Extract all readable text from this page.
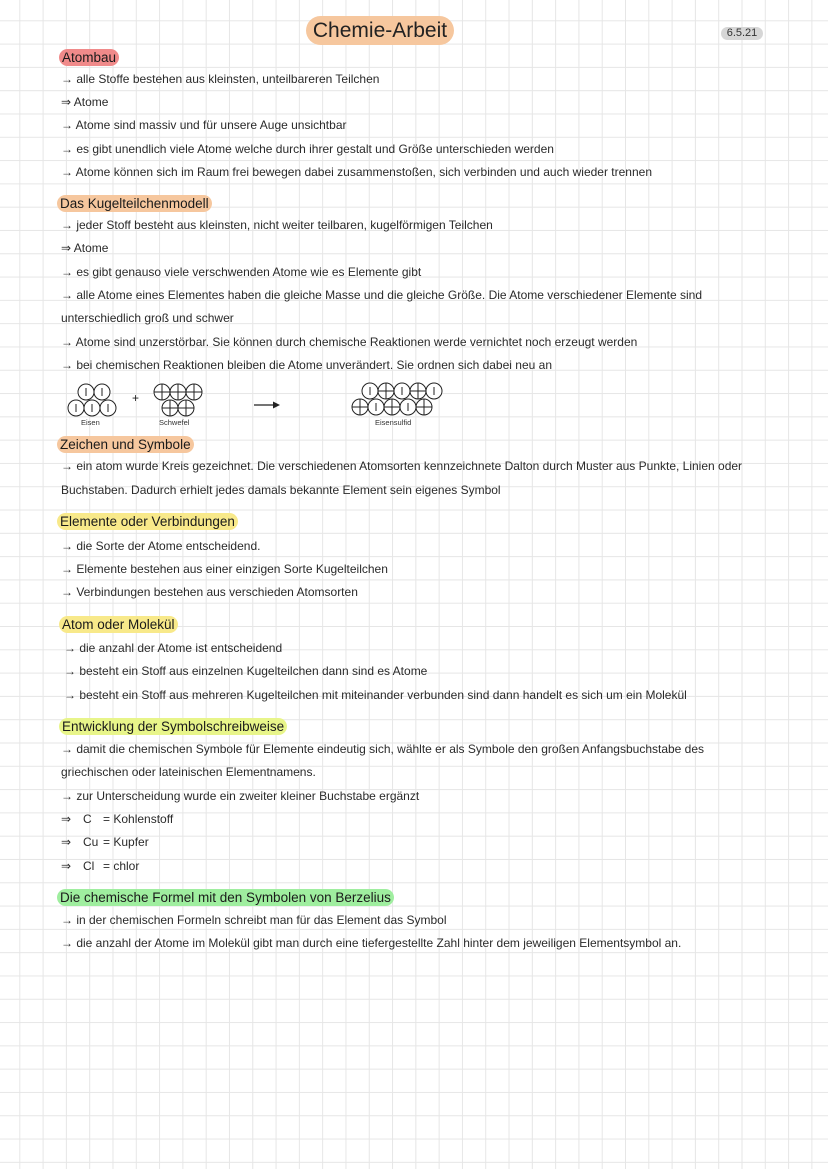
Chemie-Arbeit	6.5.21
Atombau
→ alle Stoffe bestehen aus kleinsten, unteilbareren Teilchen
⇒ Atome
→ Atome sind massiv und für unsere Auge unsichtbar
→ es gibt unendlich viele Atome welche durch ihrer gestalt und Größe unterschieden werden
→ Atome können sich im Raum frei bewegen dabei zusammenstoßen, sich verbinden und auch wieder trennen
Das Kugelteilchenmodell
→ jeder Stoff besteht aus kleinsten, nicht weiter teilbaren, kugelförmigen Teilchen
⇒ Atome
→ es gibt genauso viele verschwenden Atome wie es Elemente gibt
→ alle Atome eines Elementes haben die gleiche Masse und die gleiche Größe. Die Atome verschiedener Elemente sind
unterschiedlich groß und schwer
→ Atome sind unzerstörbar. Sie können durch chemische Reaktionen werde vernichtet noch erzeugt werden
→ bei chemischen Reaktionen bleiben die Atome unverändert. Sie ordnen sich dabei neu an
+
Eisen	Schwefel	Eisensulfid
Zeichen und Symbole
→ ein atom wurde Kreis gezeichnet. Die verschiedenen Atomsorten kennzeichnete Dalton durch Muster aus Punkte, Linien oder
Buchstaben. Dadurch erhielt jedes damals bekannte Element sein eigenes Symbol
Elemente oder Verbindungen
→ die Sorte der Atome entscheidend.
→ Elemente bestehen aus einer einzigen Sorte Kugelteilchen
→ Verbindungen bestehen aus verschieden Atomsorten
Atom oder Molekül
→ die anzahl der Atome ist entscheidend
→ besteht ein Stoff aus einzelnen Kugelteilchen dann sind es Atome
→ besteht ein Stoff aus mehreren Kugelteilchen mit miteinander verbunden sind dann handelt es sich um ein Molekül
Entwicklung der Symbolschreibweise
→ damit die chemischen Symbole für Elemente eindeutig sich, wählte er als Symbole den großen Anfangsbuchstabe des
griechischen oder lateinischen Elementnamens.
→ zur Unterscheidung wurde ein zweiter kleiner Buchstabe ergänzt
⇒ C = Kohlenstoff
⇒ Cu = Kupfer
⇒ Cl = chlor
Die chemische Formel mit den Symbolen von Berzelius
→ in der chemischen Formeln schreibt man für das Element das Symbol
→ die anzahl der Atome im Molekül gibt man durch eine tiefergestellte Zahl hinter dem jeweiligen Elementsymbol an.
